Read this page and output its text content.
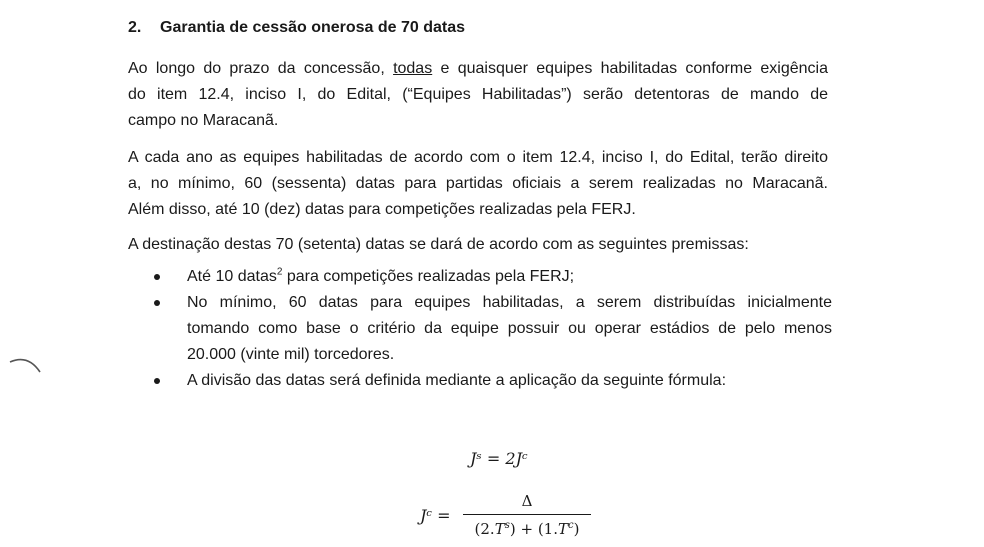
2. Garantia de cessão onerosa de 70 datas

Ao longo do prazo da concessão, todas e quaisquer equipes habilitadas conforme exigência
do item 12.4, inciso I, do Edital, (“Equipes Habilitadas”) serão detentoras de mando de
campo no Maracanã.

A cada ano as equipes habilitadas de acordo com o item 12.4, inciso I, do Edital, terão direito
a, no mínimo, 60 (sessenta) datas para partidas oficiais a serem realizadas no Maracanã.
Além disso, até 10 (dez) datas para competições realizadas pela FERJ.

A destinação destas 70 (setenta) datas se dará de acordo com as seguintes premissas:

Até 10 datas$^2$ para competições realizadas pela FERJ;
No mínimo, 60 datas para equipes habilitadas, a serem distribuídas inicialmente
tomando como base o critério da equipe possuir ou operar estádios de pelo menos
20.000 (vinte mil) torcedores.
A divisão das datas será definida mediante a aplicação da seguinte fórmula:
Jˢ = 2Jᶜ
Jᶜ =
Δ
$(2.T^s) + (1.T^c)$
